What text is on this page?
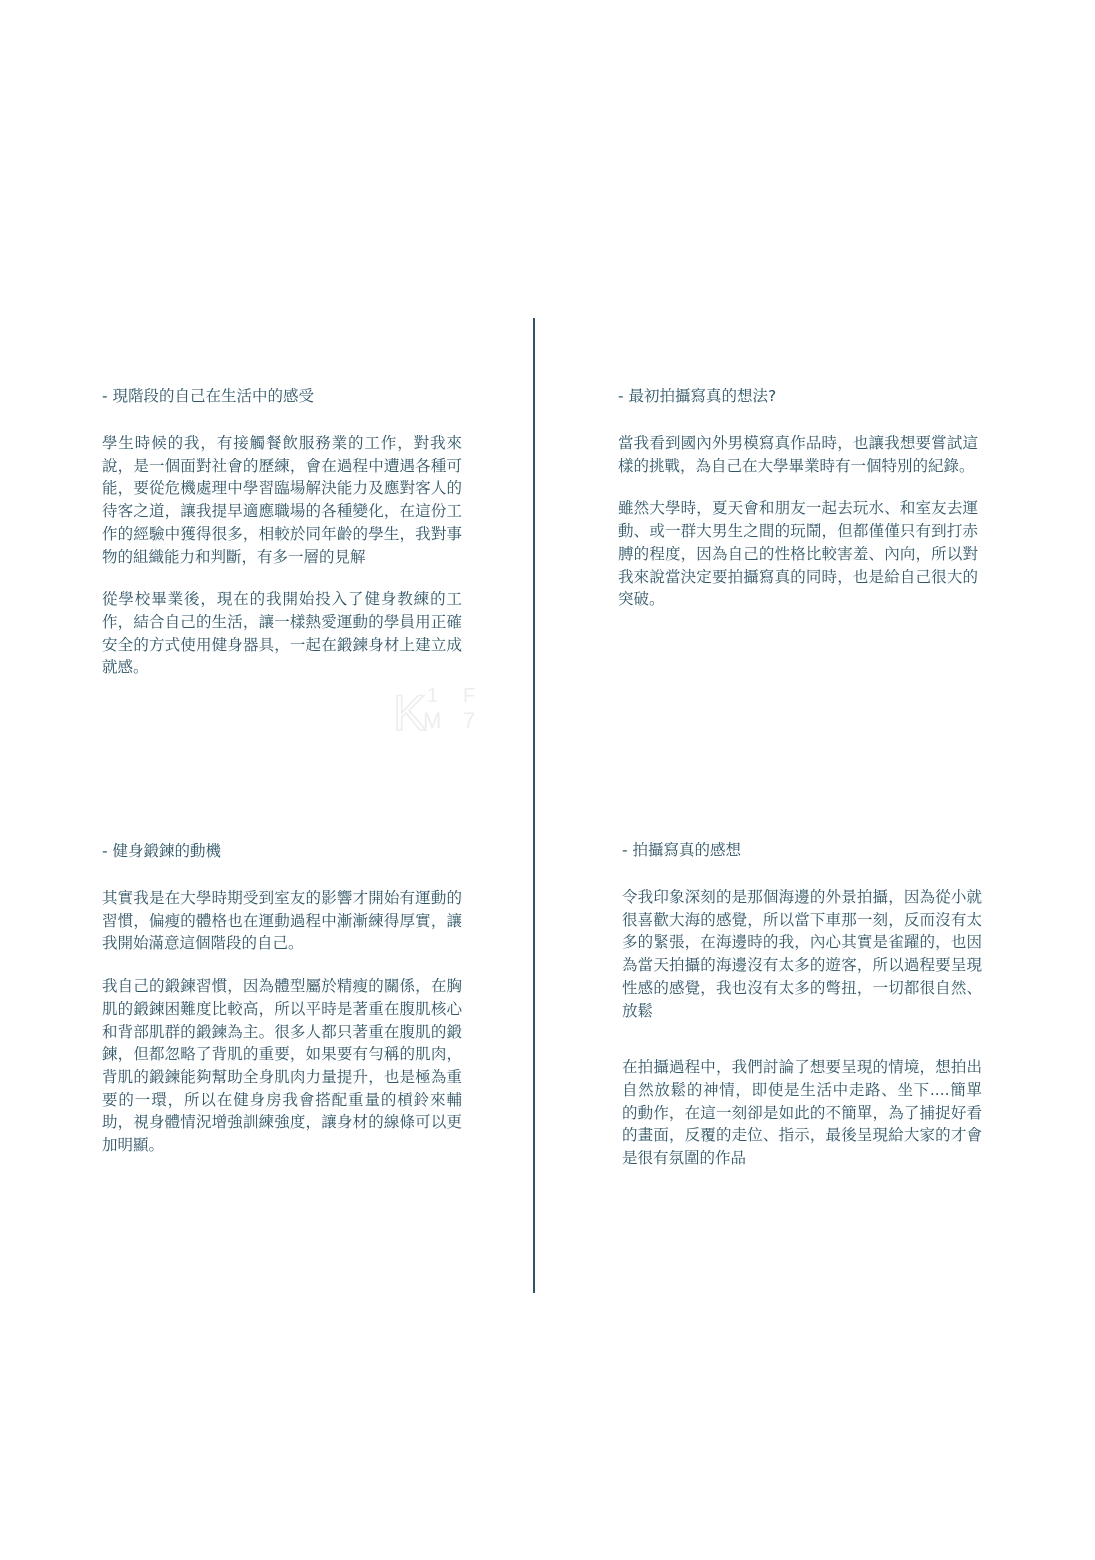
- 現階段的自己在生活中的感受

學生時候的我，有接觸餐飲服務業的工作，對我來說，是一個面對社會的歷練，會在過程中遭遇各種可能，要從危機處理中學習臨場解決能力及應對客人的待客之道，讓我提早適應職場的各種變化，在這份工作的經驗中獲得很多，相較於同年齡的學生，我對事物的組織能力和判斷，有多一層的見解

從學校畢業後，現在的我開始投入了健身教練的工作，結合自己的生活，讓一樣熱愛運動的學員用正確安全的方式使用健身器具，一起在鍛鍊身材上建立成就感。

- 最初拍攝寫真的想法?

當我看到國內外男模寫真作品時，也讓我想要嘗試這樣的挑戰，為自己在大學畢業時有一個特別的紀錄。

雖然大學時，夏天會和朋友一起去玩水、和室友去運動、或一群大男生之間的玩鬧，但都僅僅只有到打赤膊的程度，因為自己的性格比較害羞、內向，所以對我來說當決定要拍攝寫真的同時，也是給自己很大的突破。

- 健身鍛鍊的動機

其實我是在大學時期受到室友的影響才開始有運動的習慣，偏瘦的體格也在運動過程中漸漸練得厚實，讓我開始滿意這個階段的自己。

我自己的鍛鍊習慣，因為體型屬於精瘦的關係，在胸肌的鍛鍊困難度比較高，所以平時是著重在腹肌核心和背部肌群的鍛鍊為主。很多人都只著重在腹肌的鍛鍊，但都忽略了背肌的重要，如果要有勻稱的肌肉，背肌的鍛鍊能夠幫助全身肌肉力量提升，也是極為重要的一環，所以在健身房我會搭配重量的槓鈴來輔助，視身體情況增強訓練強度，讓身材的線條可以更加明顯。

- 拍攝寫真的感想

令我印象深刻的是那個海邊的外景拍攝，因為從小就很喜歡大海的感覺，所以當下車那一刻，反而沒有太多的緊張，在海邊時的我，內心其實是雀躍的，也因為當天拍攝的海邊沒有太多的遊客，所以過程要呈現性感的感覺，我也沒有太多的彆扭，一切都很自然、放鬆

在拍攝過程中，我們討論了想要呈現的情境，想拍出自然放鬆的神情，即使是生活中走路、坐下....簡單的動作，在這一刻卻是如此的不簡單，為了捕捉好看的畫面，反覆的走位、指示，最後呈現給大家的才會是很有氛圍的作品

K 1
M
F
7
